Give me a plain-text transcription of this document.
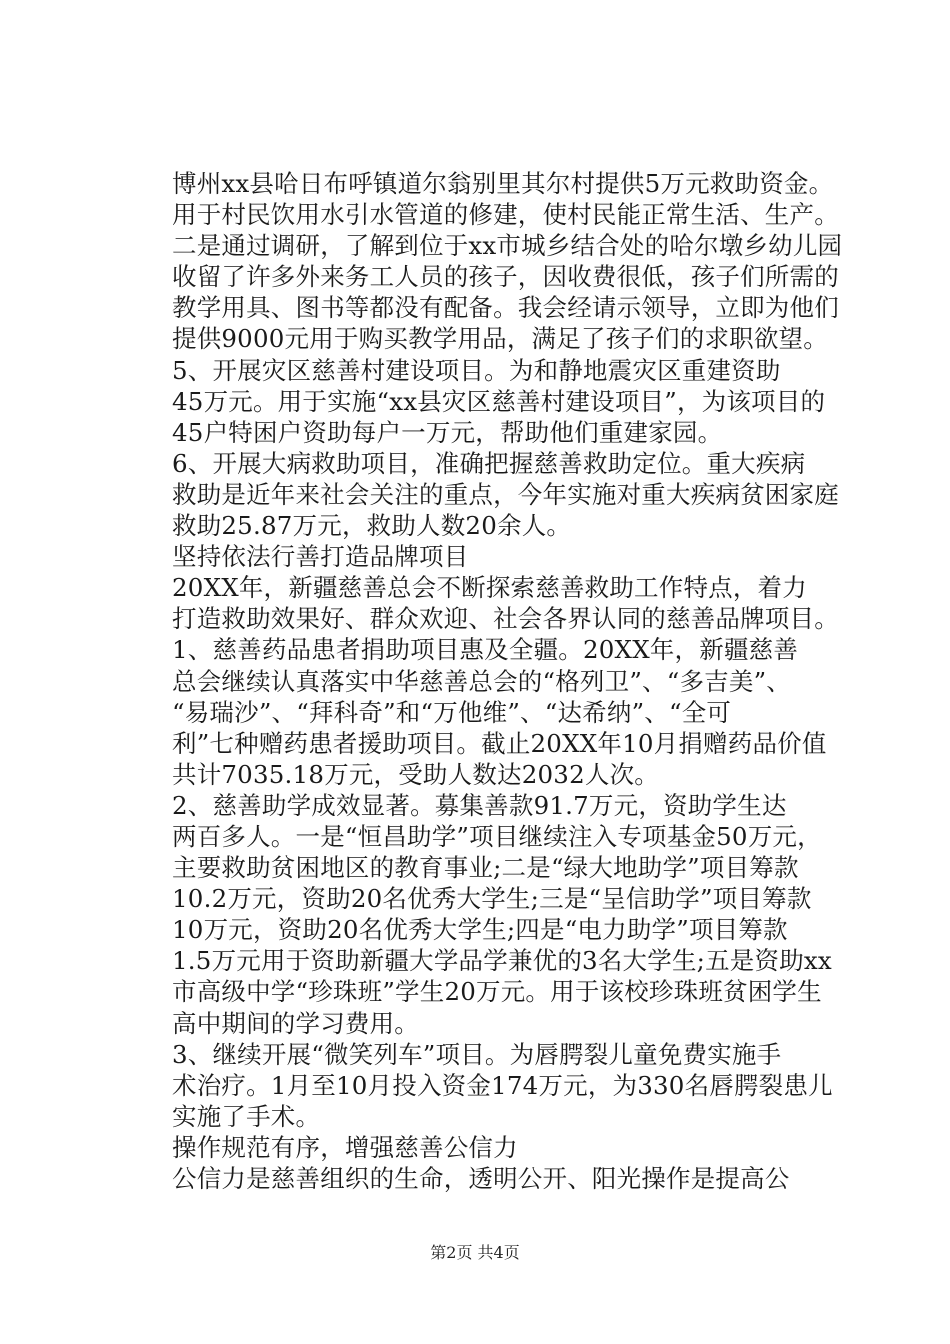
博州xx县哈日布呼镇道尔翁别里其尔村提供5万元救助资金。
用于村民饮用水引水管道的修建，使村民能正常生活、生产。
二是通过调研，了解到位于xx市城乡结合处的哈尔墩乡幼儿园
收留了许多外来务工人员的孩子，因收费很低，孩子们所需的
教学用具、图书等都没有配备。我会经请示领导，立即为他们
提供9000元用于购买教学用品，满足了孩子们的求职欲望。
5、开展灾区慈善村建设项目。为和静地震灾区重建资助
45万元。用于实施“xx县灾区慈善村建设项目”，为该项目的
45户特困户资助每户一万元，帮助他们重建家园。
6、开展大病救助项目，准确把握慈善救助定位。重大疾病
救助是近年来社会关注的重点，今年实施对重大疾病贫困家庭
救助25.87万元，救助人数20余人。
坚持依法行善打造品牌项目
20XX年，新疆慈善总会不断探索慈善救助工作特点，着力
打造救助效果好、群众欢迎、社会各界认同的慈善品牌项目。
1、慈善药品患者捐助项目惠及全疆。20XX年，新疆慈善
总会继续认真落实中华慈善总会的“格列卫”、“多吉美”、
“易瑞沙”、“拜科奇”和“万他维”、“达希纳”、“全可
利”七种赠药患者援助项目。截止20XX年10月捐赠药品价值
共计7035.18万元，受助人数达2032人次。
2、慈善助学成效显著。募集善款91.7万元，资助学生达
两百多人。一是“恒昌助学”项目继续注入专项基金50万元，
主要救助贫困地区的教育事业;二是“绿大地助学”项目筹款
10.2万元，资助20名优秀大学生;三是“呈信助学”项目筹款
10万元，资助20名优秀大学生;四是“电力助学”项目筹款
1.5万元用于资助新疆大学品学兼优的3名大学生;五是资助xx
市高级中学“珍珠班”学生20万元。用于该校珍珠班贫困学生
高中期间的学习费用。
3、继续开展“微笑列车”项目。为唇腭裂儿童免费实施手
术治疗。1月至10月投入资金174万元，为330名唇腭裂患儿
实施了手术。
操作规范有序，增强慈善公信力
公信力是慈善组织的生命，透明公开、阳光操作是提高公
第2页 共4页
